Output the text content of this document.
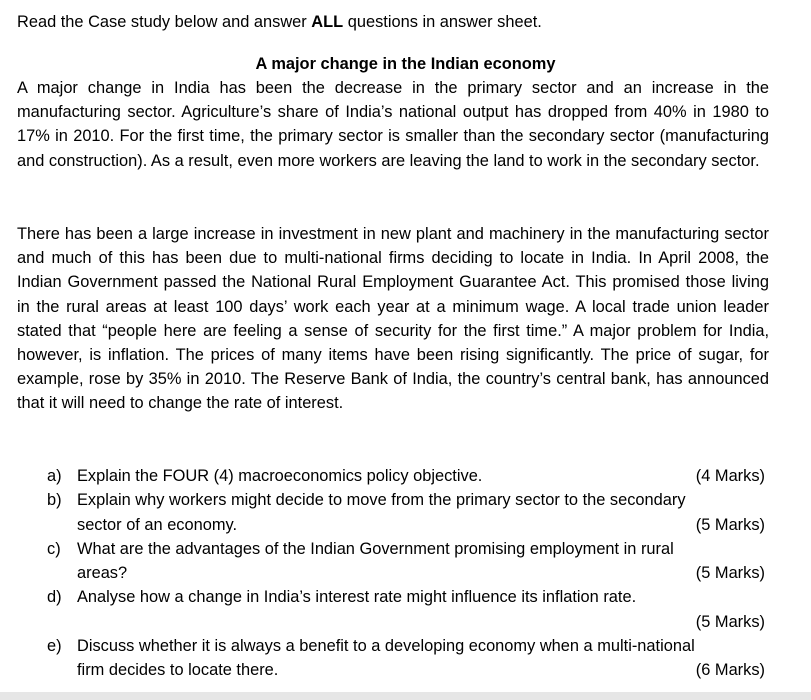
Read the Case study below and answer ALL questions in answer sheet.
A major change in the Indian economy
A major change in India has been the decrease in the primary sector and an increase in the manufacturing sector. Agriculture’s share of India’s national output has dropped from 40% in 1980 to 17% in 2010. For the first time, the primary sector is smaller than the secondary sector (manufacturing and construction). As a result, even more workers are leaving the land to work in the secondary sector.
There has been a large increase in investment in new plant and machinery in the manufacturing sector and much of this has been due to multi-national firms deciding to locate in India. In April 2008, the Indian Government passed the National Rural Employment Guarantee Act. This promised those living in the rural areas at least 100 days’ work each year at a minimum wage. A local trade union leader stated that “people here are feeling a sense of security for the first time.” A major problem for India, however, is inflation. The prices of many items have been rising significantly. The price of sugar, for example, rose by 35% in 2010. The Reserve Bank of India, the country’s central bank, has announced that it will need to change the rate of interest.
a) Explain the FOUR (4) macroeconomics policy objective.	(4 Marks)
b) Explain why workers might decide to move from the primary sector to the secondary
sector of an economy.	(5 Marks)
c) What are the advantages of the Indian Government promising employment in rural
areas?	(5 Marks)
d) Analyse how a change in India’s interest rate might influence its inflation rate.
(5 Marks)
e) Discuss whether it is always a benefit to a developing economy when a multi-national
firm decides to locate there.	(6 Marks)
